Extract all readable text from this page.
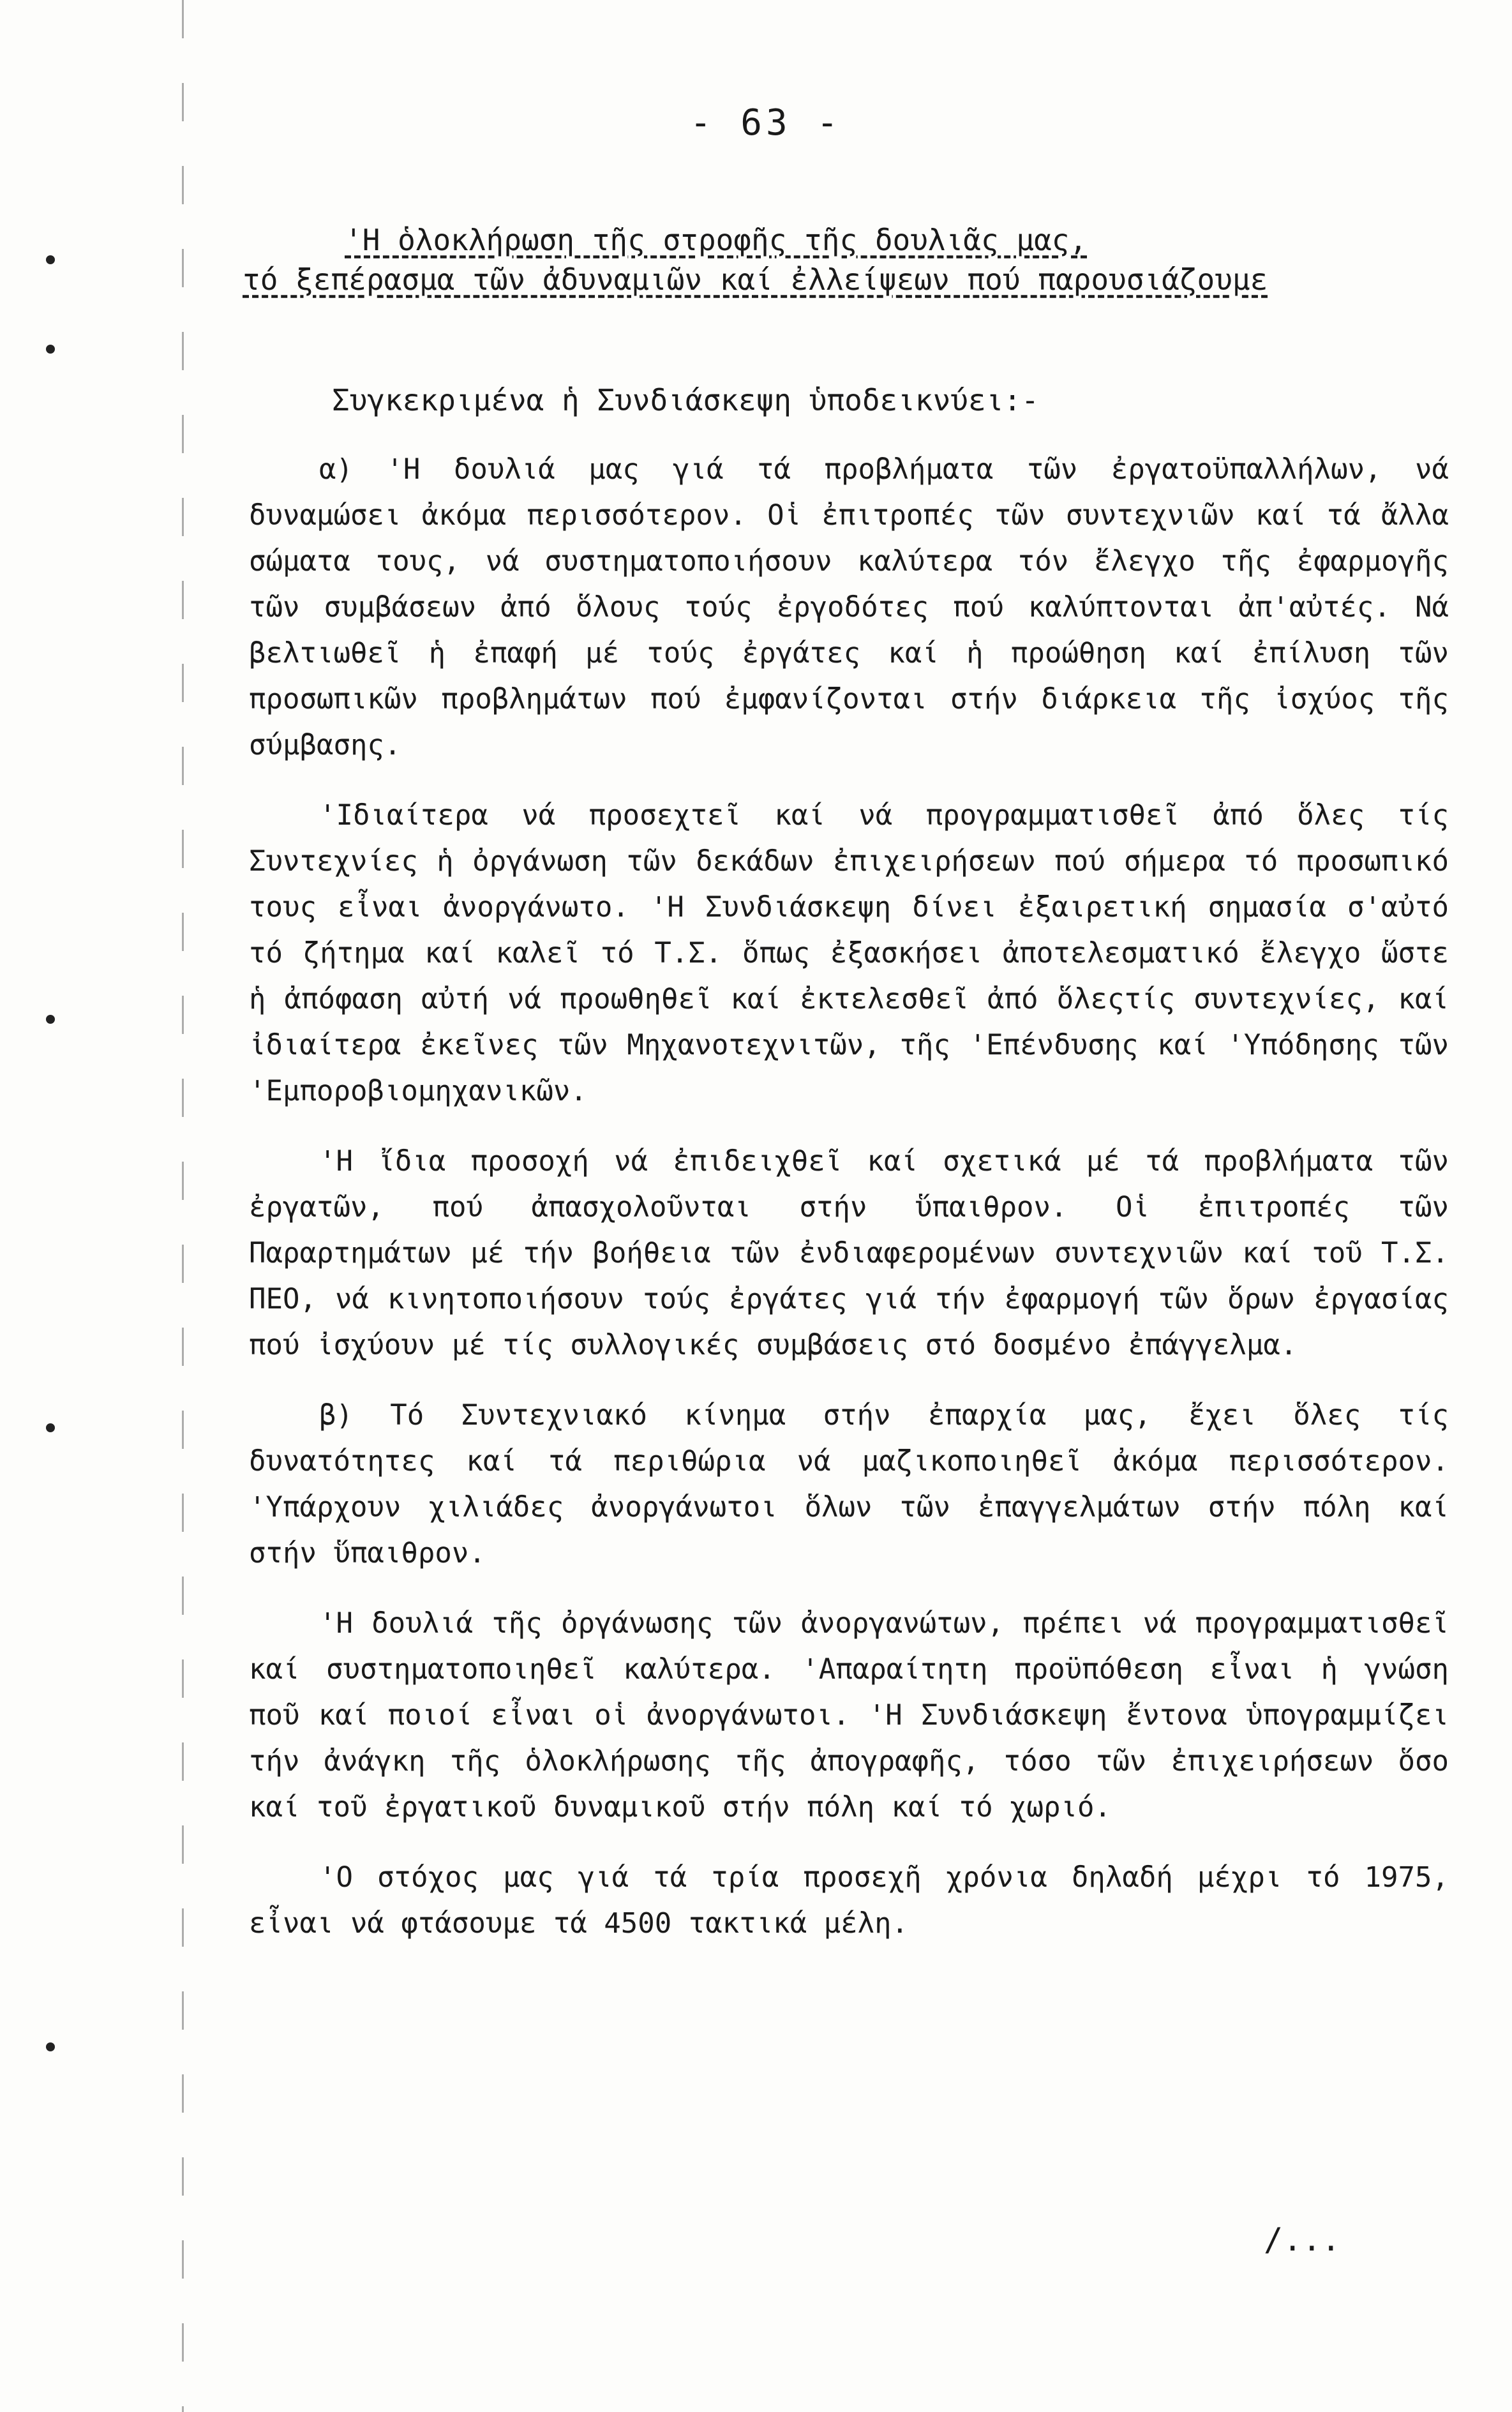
- 63 -
'Η ὁλοκλήρωση τῆς στροφῆς τῆς δουλιᾶς μας,
τό ξεπέρασμα τῶν ἀδυναμιῶν καί ἐλλείψεων πού παρουσιάζουμε
Συγκεκριμένα ἡ Συνδιάσκεψη ὑποδεικνύει:-

α) 'Η δουλιά μας γιά τά προβλήματα τῶν ἐργατοϋπαλλήλων, νά δυναμώσει ἀκόμα περισσότερον. Οἱ ἐπιτροπές τῶν συντεχνιῶν καί τά ἄλλα σώματα τους, νά συστηματοποιήσουν καλύτερα τόν ἔλεγχο τῆς ἐφαρμογῆς τῶν συμβάσεων ἀπό ὅλους τούς ἐργοδότες πού καλύπτονται ἀπ'αὐτές. Νά βελτιωθεῖ ἡ ἐπαφή μέ τούς ἐργάτες καί ἡ προώθηση καί ἐπίλυση τῶν προσωπικῶν προβλημάτων πού ἐμφανίζονται στήν διάρκεια τῆς ἰσχύος τῆς σύμβασης.

'Ιδιαίτερα νά προσεχτεῖ καί νά προγραμματισθεῖ ἀπό ὅλες τίς Συντεχνίες ἡ ὀργάνωση τῶν δεκάδων ἐπιχειρήσεων πού σήμερα τό προσωπικό τους εἶναι ἀνοργάνωτο. 'Η Συνδιάσκεψη δίνει ἐξαιρετική σημασία σ'αὐτό τό ζήτημα καί καλεῖ τό Τ.Σ. ὅπως ἐξασκήσει ἀποτελεσματικό ἔλεγχο ὥστε ἡ ἀπόφαση αὐτή νά προωθηθεῖ καί ἐκτελεσθεῖ ἀπό ὅλεςτίς συντεχνίες, καί ἰδιαίτερα ἐκεῖνες τῶν Μηχανοτεχνιτῶν, τῆς 'Επένδυσης καί 'Υπόδησης τῶν 'Εμποροβιομηχανικῶν.

'Η ἴδια προσοχή νά ἐπιδειχθεῖ καί σχετικά μέ τά προβλήματα τῶν ἐργατῶν, πού ἀπασχολοῦνται στήν ὕπαιθρον. Οἱ ἐπιτροπές τῶν Παραρτημάτων μέ τήν βοήθεια τῶν ἐνδιαφερομένων συντεχνιῶν καί τοῦ Τ.Σ. ΠΕΟ, νά κινητοποιήσουν τούς ἐργάτες γιά τήν ἐφαρμογή τῶν ὅρων ἐργασίας πού ἰσχύουν μέ τίς συλλογικές συμβάσεις στό δοσμένο ἐπάγγελμα.

β) Τό Συντεχνιακό κίνημα στήν ἐπαρχία μας, ἔχει ὅλες τίς δυνατότητες καί τά περιθώρια νά μαζικοποιηθεῖ ἀκόμα περισσότερον. 'Υπάρχουν χιλιάδες ἀνοργάνωτοι ὅλων τῶν ἐπαγγελμάτων στήν πόλη καί στήν ὕπαιθρον.

'Η δουλιά τῆς ὀργάνωσης τῶν ἀνοργανώτων, πρέπει νά προγραμματισθεῖ καί συστηματοποιηθεῖ καλύτερα. 'Απαραίτητη προϋπόθεση εἶναι ἡ γνώση ποῦ καί ποιοί εἶναι οἱ ἀνοργάνωτοι. 'Η Συνδιάσκεψη ἔντονα ὑπογραμμίζει τήν ἀνάγκη τῆς ὁλοκλήρωσης τῆς ἀπογραφῆς, τόσο τῶν ἐπιχειρήσεων ὅσο καί τοῦ ἐργατικοῦ δυναμικοῦ στήν πόλη καί τό χωριό.

'Ο στόχος μας γιά τά τρία προσεχῆ χρόνια δηλαδή μέχρι τό 1975, εἶναι νά φτάσουμε τά 4500 τακτικά μέλη.

/...
